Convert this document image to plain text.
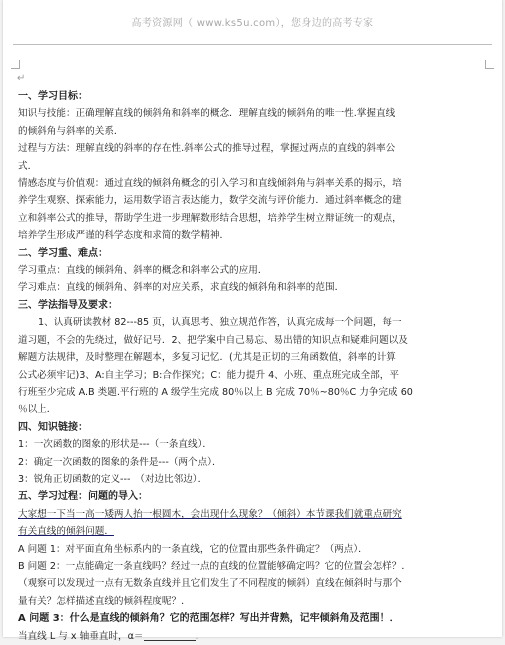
高考资源网（ www.ks5u.com），您身边的高考专家
↵
一、学习目标：
知识与技能：正确理解直线的倾斜角和斜率的概念．理解直线的倾斜角的唯一性.掌握直线
的倾斜角与斜率的关系．
过程与方法：理解直线的斜率的存在性.斜率公式的推导过程，掌握过两点的直线的斜率公
式．
情感态度与价值观：通过直线的倾斜角概念的引入学习和直线倾斜角与斜率关系的揭示，培
养学生观察、探索能力，运用数学语言表达能力，数学交流与评价能力．通过斜率概念的建
立和斜率公式的推导，帮助学生进一步理解数形结合思想，培养学生树立辩证统一的观点，
培养学生形成严谨的科学态度和求简的数学精神．
二、学习重、难点：
学习重点：直线的倾斜角、斜率的概念和斜率公式的应用．
学习难点：直线的倾斜角、斜率的对应关系，求直线的倾斜角和斜率的范围．
三、学法指导及要求：
1、认真研读教材 82---85 页，认真思考、独立规范作答，认真完成每一个问题，每一
道习题，不会的先绕过，做好记号．2、把学案中自己易忘、易出错的知识点和疑难问题以及
解题方法规律，及时整理在解题本，多复习记忆．(尤其是正切的三角函数值，斜率的计算
公式必须牢记)3、A:自主学习；B:合作探究；C：能力提升 4、小班、重点班完成全部，平
行班至少完成 A.B 类题.平行班的 A 级学生完成 80％以上 B 完成 70％~80％C 力争完成 60
％以上．
四、知识链接：
1：一次函数的图象的形状是---（一条直线）．
2：确定一次函数的图象的条件是---（两个点）．
3：锐角正切函数的定义---　（对边比邻边）．
五、学习过程：问题的导入：
大家想一下当一高一矮两人抬一根圆木，会出现什么现象？（倾斜）本节课我们就重点研究
有关直线的倾斜问题．
A 问题 1：对平面直角坐标系内的一条直线，它的位置由那些条件确定？（两点）．
B 问题 2：一点能确定一条直线吗？经过一点的直线的位置能够确定吗？它的位置会怎样？．
（观察可以发现过一点有无数条直线并且它们发生了不同程度的倾斜）直线在倾斜时与那个
量有关？怎样描述直线的倾斜程度呢？．
A 问题 3：什么是直线的倾斜角？它的范围怎样？写出并背熟，记牢倾斜角及范围！．
当直线 L 与 x 轴垂直时，α＝	．
